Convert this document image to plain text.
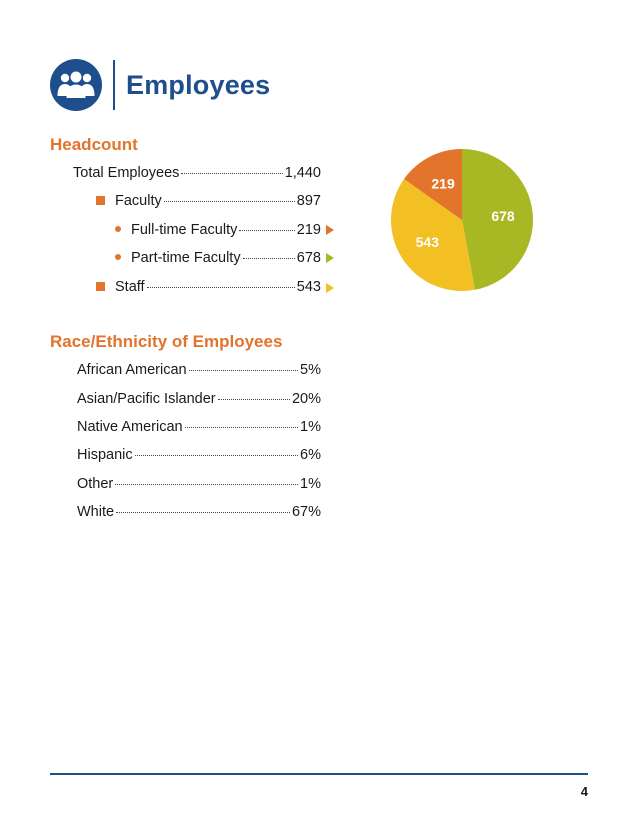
Employees
Headcount
Total Employees	1,440
Faculty	897
Full-time Faculty	219
Part-time Faculty	678
Staff	543
678
543
219
Race/Ethnicity of Employees
African American	5%
Asian/Pacific Islander	20%
Native American	1%
Hispanic	6%
Other	1%
White	67%
4
